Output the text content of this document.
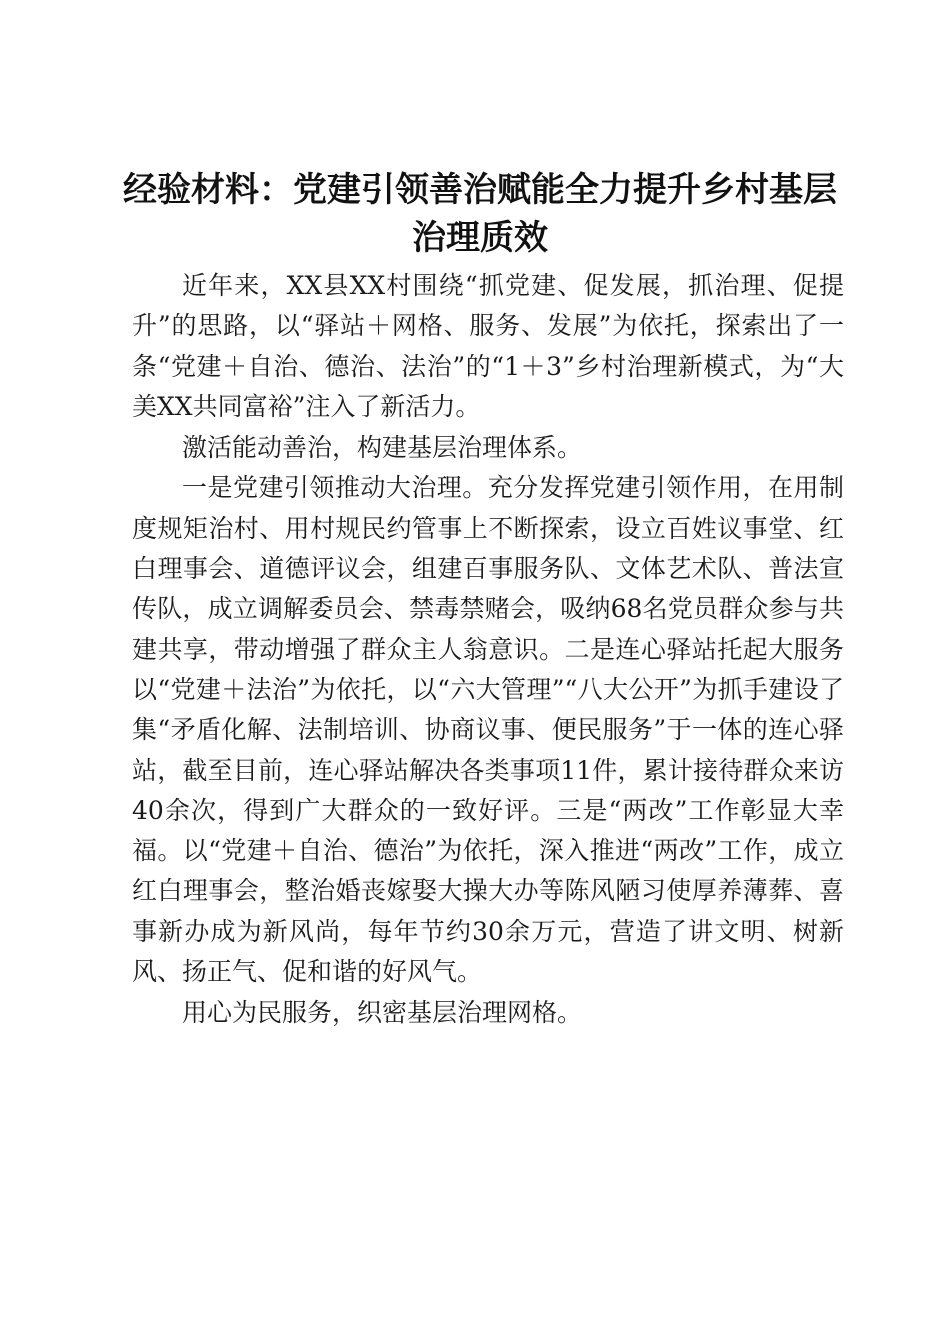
经验材料：党建引领善治赋能全力提升乡村基层治理质效

近年来，XX县XX村围绕“抓党建、促发展，抓治理、促提升”的思路，以“驿站＋网格、服务、发展”为依托，探索出了一条“党建＋自治、德治、法治”的“1＋3”乡村治理新模式，为“大美XX共同富裕”注入了新活力。

激活能动善治，构建基层治理体系。

一是党建引领推动大治理。充分发挥党建引领作用，在用制度规矩治村、用村规民约管事上不断探索，设立百姓议事堂、红白理事会、道德评议会，组建百事服务队、文体艺术队、普法宣传队，成立调解委员会、禁毒禁赌会，吸纳68名党员群众参与共建共享，带动增强了群众主人翁意识。二是连心驿站托起大服务以“党建＋法治”为依托，以“六大管理”“八大公开”为抓手建设了集“矛盾化解、法制培训、协商议事、便民服务”于一体的连心驿站，截至目前，连心驿站解决各类事项11件，累计接待群众来访40余次，得到广大群众的一致好评。三是“两改”工作彰显大幸福。以“党建＋自治、德治”为依托，深入推进“两改”工作，成立红白理事会，整治婚丧嫁娶大操大办等陈风陋习使厚养薄葬、喜事新办成为新风尚，每年节约30余万元，营造了讲文明、树新风、扬正气、促和谐的好风气。

用心为民服务，织密基层治理网格。
